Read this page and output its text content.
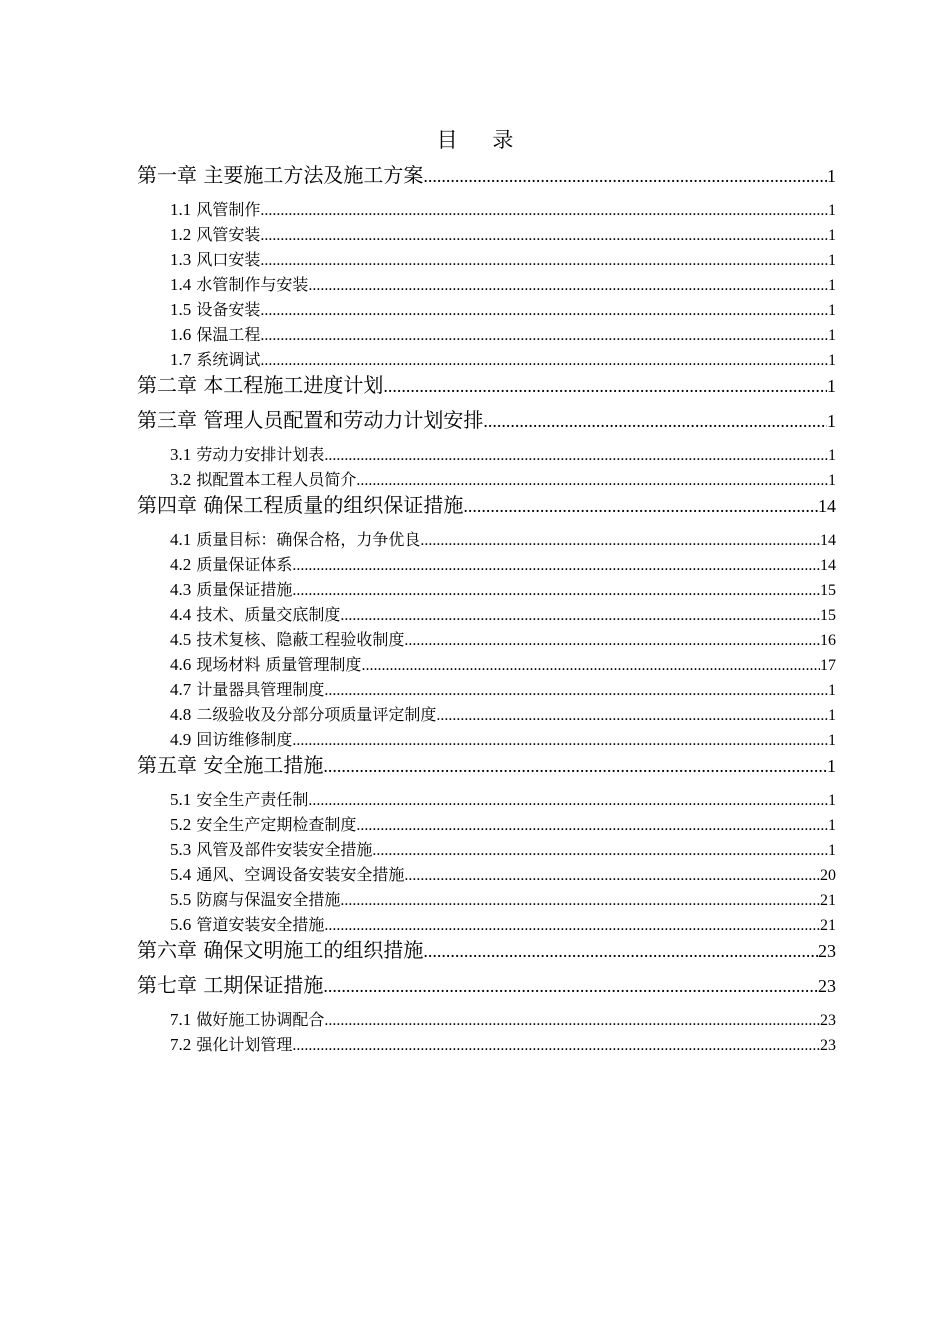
目 录
第一章 主要施工方法及施工方案 .....	1
1.1 风管制作 .....	1
1.2 风管安装 .....	1
1.3 风口安装 .....	1
1.4 水管制作与安装 .....	1
1.5 设备安装 .....	1
1.6 保温工程 .....	1
1.7 系统调试 .....	1
第二章 本工程施工进度计划 .....	1
第三章 管理人员配置和劳动力计划安排 .....	1
3.1 劳动力安排计划表 .....	1
3.2 拟配置本工程人员简介 .....	1
第四章 确保工程质量的组织保证措施 .....	14
4.1 质量目标：确保合格，力争优良 .....	14
4.2 质量保证体系 .....	14
4.3 质量保证措施 .....	15
4.4 技术、质量交底制度 .....	15
4.5 技术复核、隐蔽工程验收制度 .....	16
4.6 现场材料 质量管理制度 .....	17
4.7 计量器具管理制度 .....	1
4.8 二级验收及分部分项质量评定制度 .....	1
4.9 回访维修制度 .....	1
第五章 安全施工措施 .....	1
5.1 安全生产责任制 .....	1
5.2 安全生产定期检查制度 .....	1
5.3 风管及部件安装安全措施 .....	1
5.4 通风、空调设备安装安全措施 .....	20
5.5 防腐与保温安全措施 .....	21
5.6 管道安装安全措施 .....	21
第六章 确保文明施工的组织措施 .....	23
第七章 工期保证措施 .....	23
7.1 做好施工协调配合 .....	23
7.2 强化计划管理 .....	23
